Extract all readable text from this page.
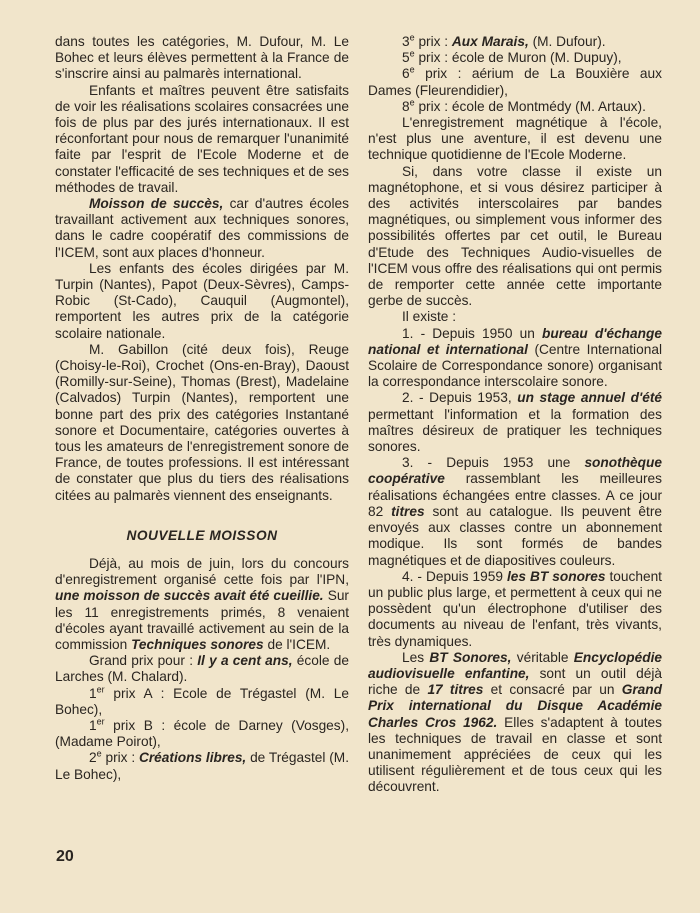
dans toutes les catégories, M. Dufour, M. Le Bohec et leurs élèves permettent à la France de s'inscrire ainsi au palmarès international.

Enfants et maîtres peuvent être satisfaits de voir les réalisations scolaires consacrées une fois de plus par des jurés internationaux. Il est réconfortant pour nous de remarquer l'unanimité faite par l'esprit de l'Ecole Moderne et de constater l'efficacité de ses techniques et de ses méthodes de travail.

Moisson de succès, car d'autres écoles travaillant activement aux techniques sonores, dans le cadre coopératif des commissions de l'ICEM, sont aux places d'honneur.

Les enfants des écoles dirigées par M. Turpin (Nantes), Papot (Deux-Sèvres), Camps-Robic (St-Cado), Cauquil (Augmontel), remportent les autres prix de la catégorie scolaire nationale.

M. Gabillon (cité deux fois), Reuge (Choisy-le-Roi), Crochet (Ons-en-Bray), Daoust (Romilly-sur-Seine), Thomas (Brest), Madelaine (Calvados) Turpin (Nantes), remportent une bonne part des prix des catégories Instantané sonore et Documentaire, catégories ouvertes à tous les amateurs de l'enregistrement sonore de France, de toutes professions. Il est intéressant de constater que plus du tiers des réalisations citées au palmarès viennent des enseignants.

NOUVELLE MOISSON

Déjà, au mois de juin, lors du concours d'enregistrement organisé cette fois par l'IPN, une moisson de succès avait été cueillie. Sur les 11 enregistrements primés, 8 venaient d'écoles ayant travaillé activement au sein de la commission Techniques sonores de l'ICEM.

Grand prix pour : Il y a cent ans, école de Larches (M. Chalard).

1er prix A : Ecole de Trégastel (M. Le Bohec),

1er prix B : école de Darney (Vosges), (Madame Poirot),

2e prix : Créations libres, de Trégastel (M. Le Bohec),

3e prix : Aux Marais, (M. Dufour).

5e prix : école de Muron (M. Dupuy),

6e prix : aérium de La Bouxière aux Dames (Fleurendidier),

8e prix : école de Montmédy (M. Artaux).

L'enregistrement magnétique à l'école, n'est plus une aventure, il est devenu une technique quotidienne de l'Ecole Moderne.

Si, dans votre classe il existe un magnétophone, et si vous désirez participer à des activités interscolaires par bandes magnétiques, ou simplement vous informer des possibilités offertes par cet outil, le Bureau d'Etude des Techniques Audio-visuelles de l'ICEM vous offre des réalisations qui ont permis de remporter cette année cette importante gerbe de succès.

Il existe :

1. - Depuis 1950 un bureau d'échange national et international (Centre International Scolaire de Correspondance sonore) organisant la correspondance interscolaire sonore.

2. - Depuis 1953, un stage annuel d'été permettant l'information et la formation des maîtres désireux de pratiquer les techniques sonores.

3. - Depuis 1953 une sonothèque coopérative rassemblant les meilleures réalisations échangées entre classes. A ce jour 82 titres sont au catalogue. Ils peuvent être envoyés aux classes contre un abonnement modique. Ils sont formés de bandes magnétiques et de diapositives couleurs.

4. - Depuis 1959 les BT sonores touchent un public plus large, et permettent à ceux qui ne possèdent qu'un électrophone d'utiliser des documents au niveau de l'enfant, très vivants, très dynamiques.

Les BT Sonores, véritable Encyclopédie audiovisuelle enfantine, sont un outil déjà riche de 17 titres et consacré par un Grand Prix international du Disque Académie Charles Cros 1962. Elles s'adaptent à toutes les techniques de travail en classe et sont unanimement appréciées de ceux qui les utilisent régulièrement et de tous ceux qui les découvrent.

20
